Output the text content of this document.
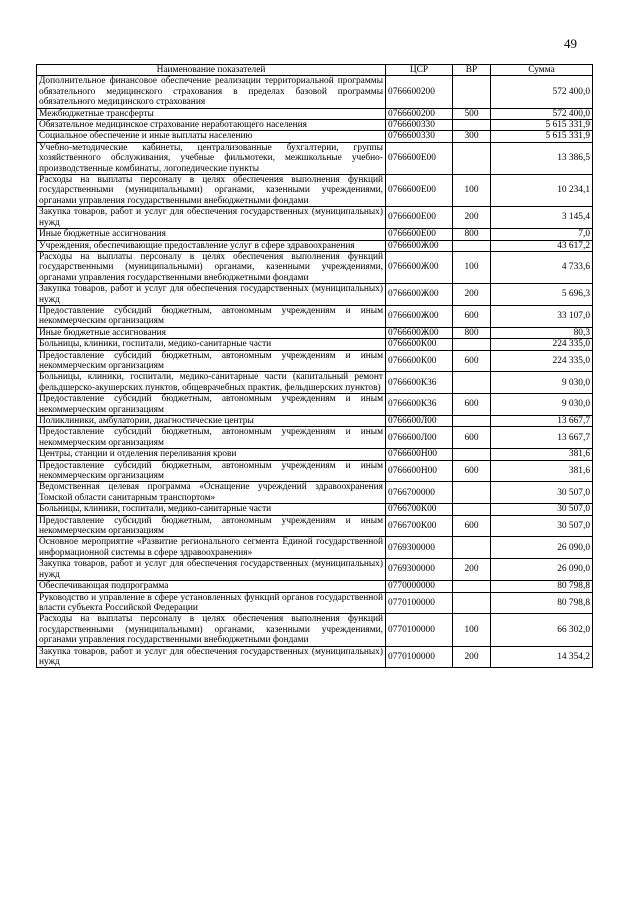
49
Наименование показателей	ЦСР	ВР	Сумма
Дополнительное финансовое обеспечение реализации территориальной программы обязательного медицинского страхования в пределах базовой программы обязательного медицинского страхования	0766600200		572 400,0
Межбюджетные трансферты	0766600200	500	572 400,0
Обязательное медицинское страхование неработающего населения	0766600330		5 615 331,9
Социальное обеспечение и иные выплаты населению	0766600330	300	5 615 331,9
Учебно-методические кабинеты, централизованные бухгалтерии, группы хозяйственного обслуживания, учебные фильмотеки, межшкольные учебно-производственные комбинаты, логопедические пункты	0766600Е00		13 386,5
Расходы на выплаты персоналу в целях обеспечения выполнения функций государственными (муниципальными) органами, казенными учреждениями, органами управления государственными внебюджетными фондами	0766600Е00	100	10 234,1
Закупка товаров, работ и услуг для обеспечения государственных (муниципальных) нужд	0766600Е00	200	3 145,4
Иные бюджетные ассигнования	0766600Е00	800	7,0
Учреждения, обеспечивающие предоставление услуг в сфере здравоохранения	0766600Ж00		43 617,2
Расходы на выплаты персоналу в целях обеспечения выполнения функций государственными (муниципальными) органами, казенными учреждениями, органами управления государственными внебюджетными фондами	0766600Ж00	100	4 733,6
Закупка товаров, работ и услуг для обеспечения государственных (муниципальных) нужд	0766600Ж00	200	5 696,3
Предоставление субсидий бюджетным, автономным учреждениям и иным некоммерческим организациям	0766600Ж00	600	33 107,0
Иные бюджетные ассигнования	0766600Ж00	800	80,3
Больницы, клиники, госпитали, медико-санитарные части	0766600К00		224 335,0
Предоставление субсидий бюджетным, автономным учреждениям и иным некоммерческим организациям	0766600К00	600	224 335,0
Больницы, клиники, госпитали, медико-санитарные части (капитальный ремонт фельдшерско-акушерских пунктов, общеврачебных практик, фельдшерских пунктов)	0766600К36		9 030,0
Предоставление субсидий бюджетным, автономным учреждениям и иным некоммерческим организациям	0766600К36	600	9 030,0
Поликлиники, амбулатории, диагностические центры	0766600Л00		13 667,7
Предоставление субсидий бюджетным, автономным учреждениям и иным некоммерческим организациям	0766600Л00	600	13 667,7
Центры, станции и отделения переливания крови	0766600Н00		381,6
Предоставление субсидий бюджетным, автономным учреждениям и иным некоммерческим организациям	0766600Н00	600	381,6
Ведомственная целевая программа «Оснащение учреждений здравоохранения Томской области санитарным транспортом»	0766700000		30 507,0
Больницы, клиники, госпитали, медико-санитарные части	0766700К00		30 507,0
Предоставление субсидий бюджетным, автономным учреждениям и иным некоммерческим организациям	0766700К00	600	30 507,0
Основное мероприятие «Развитие регионального сегмента Единой государственной информационной системы в сфере здравоохранения»	0769300000		26 090,0
Закупка товаров, работ и услуг для обеспечения государственных (муниципальных) нужд	0769300000	200	26 090,0
Обеспечивающая подпрограмма	0770000000		80 798,8
Руководство и управление в сфере установленных функций органов государственной власти субъекта Российской Федерации	0770100000		80 798,8
Расходы на выплаты персоналу в целях обеспечения выполнения функций государственными (муниципальными) органами, казенными учреждениями, органами управления государственными внебюджетными фондами	0770100000	100	66 302,0
Закупка товаров, работ и услуг для обеспечения государственных (муниципальных) нужд	0770100000	200	14 354,2
